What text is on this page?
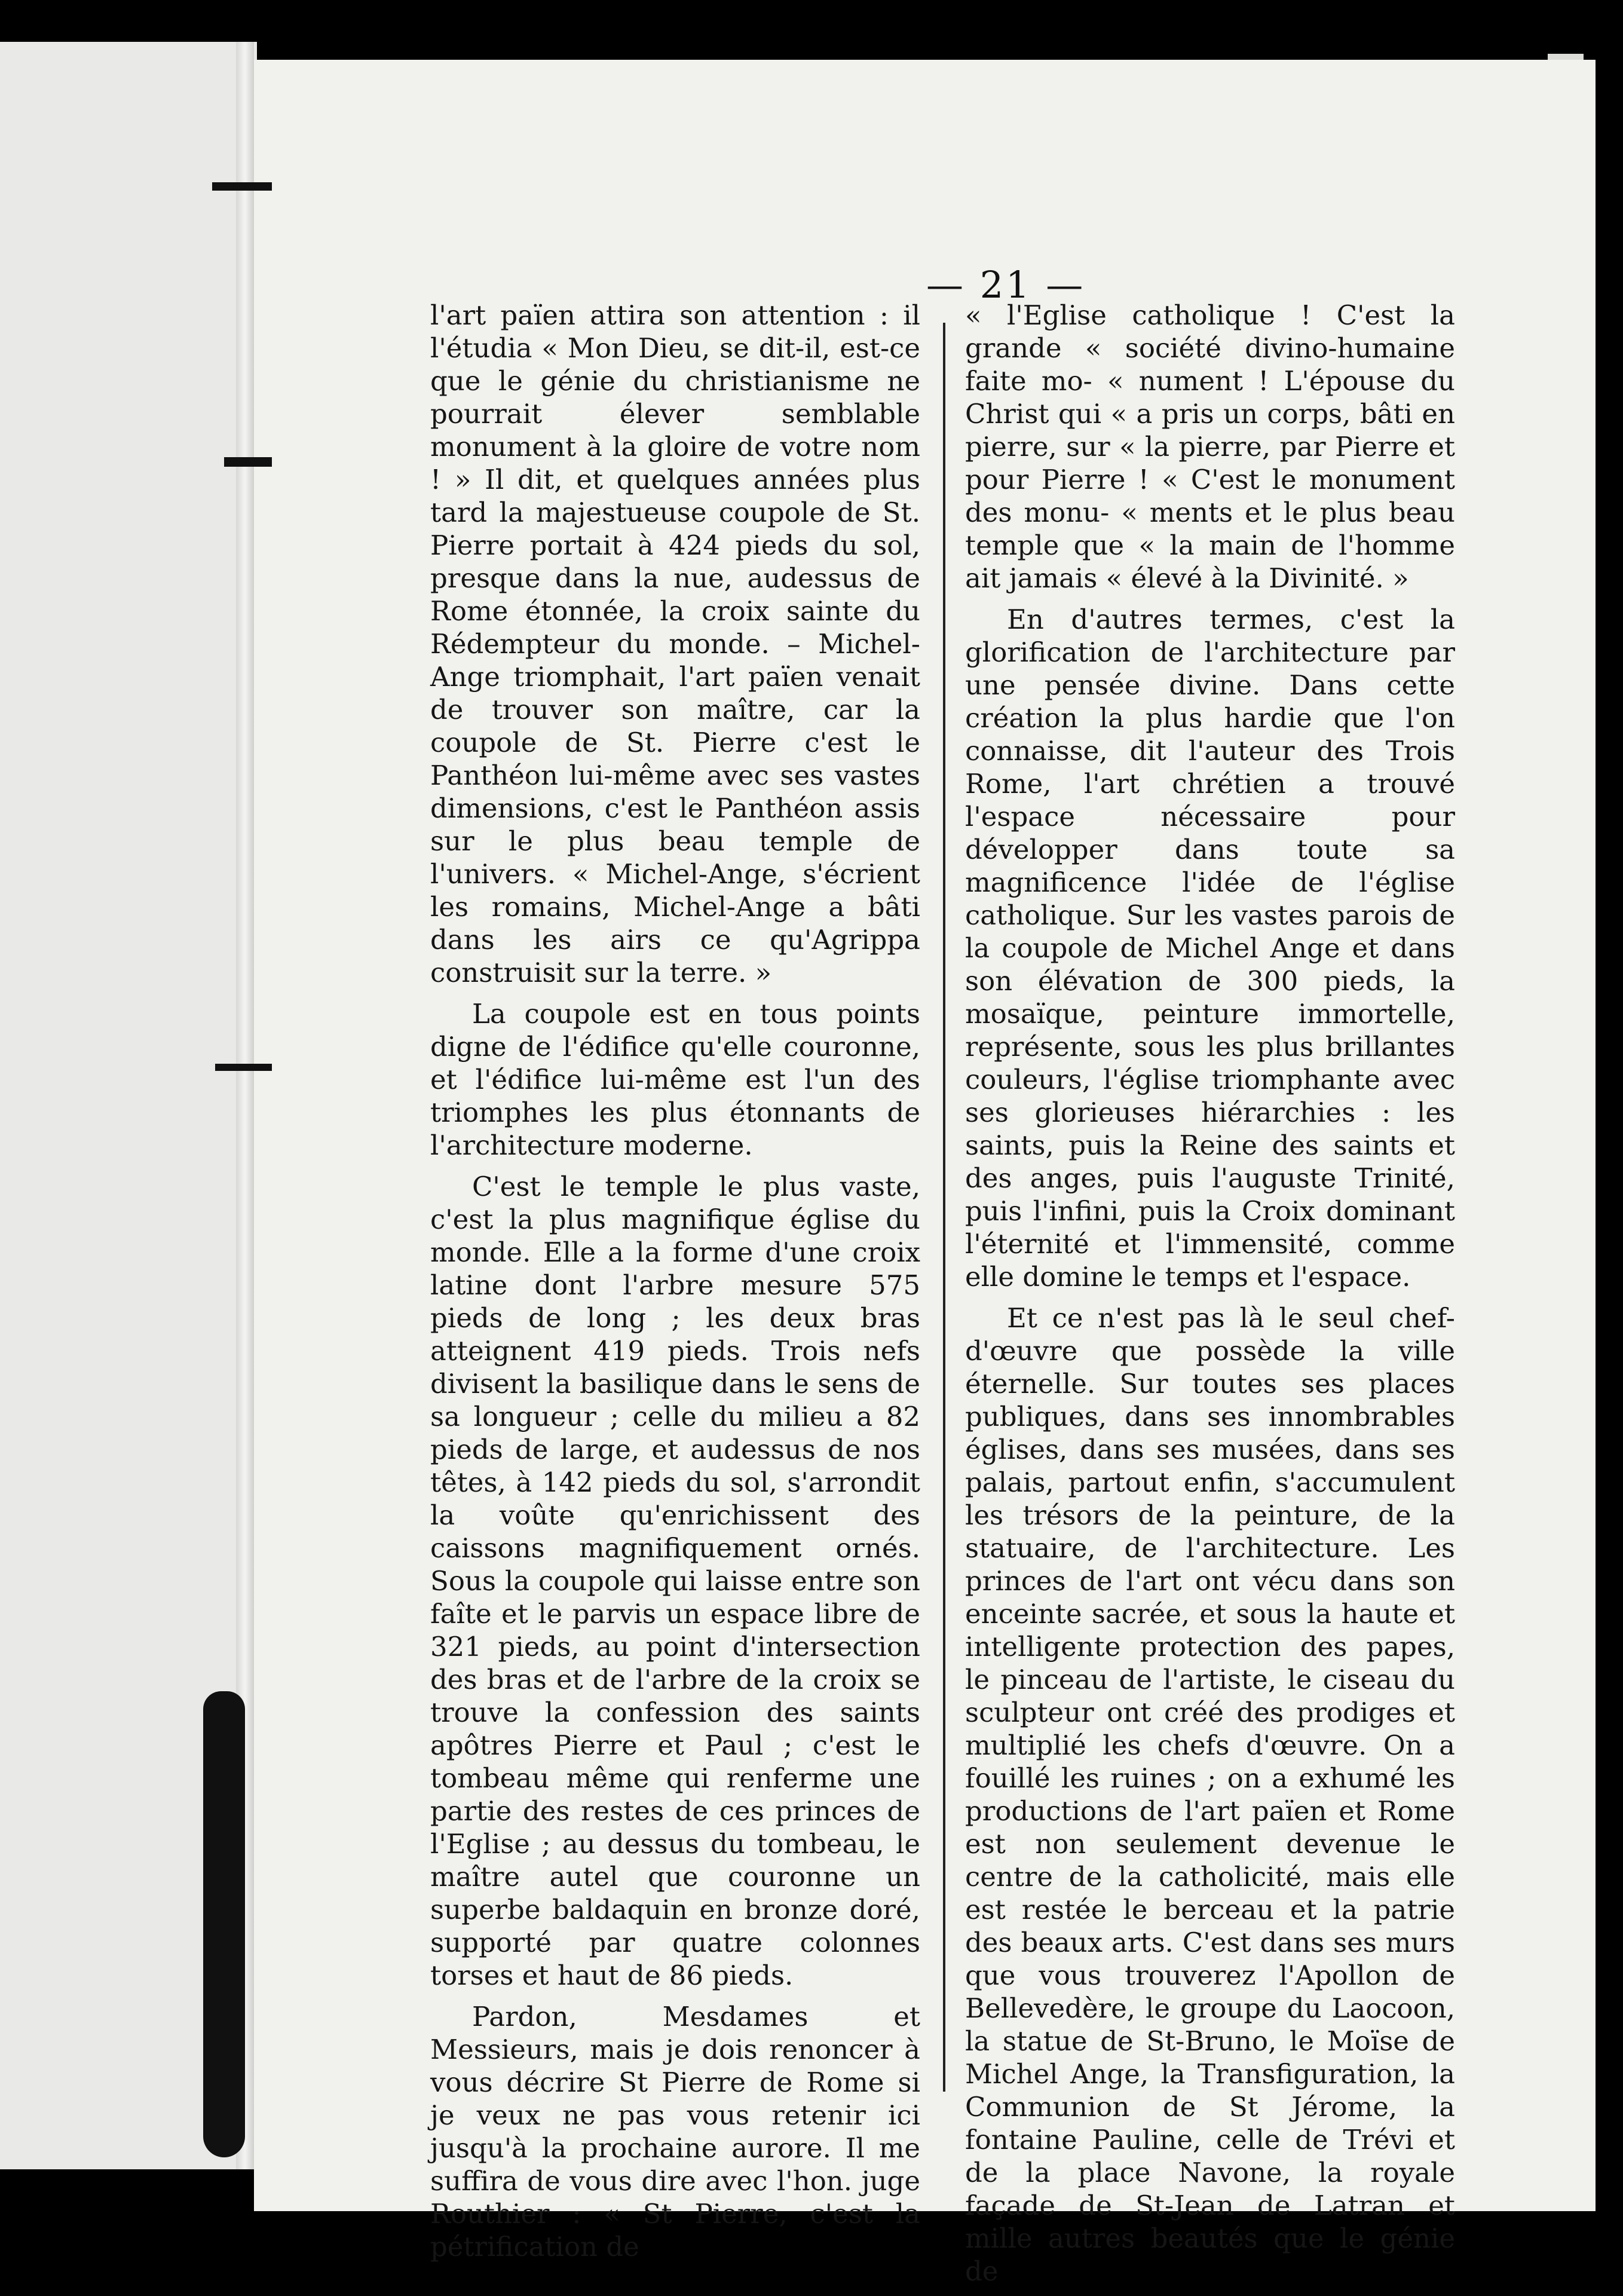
— 21 —

l'art païen attira son attention : il l'étudia « Mon Dieu, se dit-il, est-ce que le génie du christianisme ne pourrait élever semblable monument à la gloire de votre nom ! » Il dit, et quelques années plus tard la majestueuse coupole de St. Pierre portait à 424 pieds du sol, presque dans la nue, audessus de Rome étonnée, la croix sainte du Rédempteur du monde. – Michel-Ange triomphait, l'art païen venait de trouver son maître, car la coupole de St. Pierre c'est le Panthéon lui-même avec ses vastes dimensions, c'est le Panthéon assis sur le plus beau temple de l'univers. « Michel-Ange, s'écrient les romains, Michel-Ange a bâti dans les airs ce qu'Agrippa construisit sur la terre. »

La coupole est en tous points digne de l'édifice qu'elle couronne, et l'édifice lui-même est l'un des triomphes les plus étonnants de l'architecture moderne.

C'est le temple le plus vaste, c'est la plus magnifique église du monde. Elle a la forme d'une croix latine dont l'arbre mesure 575 pieds de long ; les deux bras atteignent 419 pieds. Trois nefs divisent la basilique dans le sens de sa longueur ; celle du milieu a 82 pieds de large, et audessus de nos têtes, à 142 pieds du sol, s'arrondit la voûte qu'enrichissent des caissons magnifiquement ornés. Sous la coupole qui laisse entre son faîte et le parvis un espace libre de 321 pieds, au point d'intersection des bras et de l'arbre de la croix se trouve la confession des saints apôtres Pierre et Paul ; c'est le tombeau même qui renferme une partie des restes de ces princes de l'Eglise ; au dessus du tombeau, le maître autel que couronne un superbe baldaquin en bronze doré, supporté par quatre colonnes torses et haut de 86 pieds.

Pardon, Mesdames et Messieurs, mais je dois renoncer à vous décrire St Pierre de Rome si je veux ne pas vous retenir ici jusqu'à la prochaine aurore. Il me suffira de vous dire avec l'hon. juge Routhier : « St Pierre, c'est la pétrification de

« l'Eglise catholique ! C'est la grande « société divino-humaine faite mo- « nument ! L'épouse du Christ qui « a pris un corps, bâti en pierre, sur « la pierre, par Pierre et pour Pierre ! « C'est le monument des monu- « ments et le plus beau temple que « la main de l'homme ait jamais « élevé à la Divinité. »

En d'autres termes, c'est la glorification de l'architecture par une pensée divine. Dans cette création la plus hardie que l'on connaisse, dit l'auteur des Trois Rome, l'art chrétien a trouvé l'espace nécessaire pour développer dans toute sa magnificence l'idée de l'église catholique. Sur les vastes parois de la coupole de Michel Ange et dans son élévation de 300 pieds, la mosaïque, peinture immortelle, représente, sous les plus brillantes couleurs, l'église triomphante avec ses glorieuses hiérarchies : les saints, puis la Reine des saints et des anges, puis l'auguste Trinité, puis l'infini, puis la Croix dominant l'éternité et l'immensité, comme elle domine le temps et l'espace.

Et ce n'est pas là le seul chef-d'œuvre que possède la ville éternelle. Sur toutes ses places publiques, dans ses innombrables églises, dans ses musées, dans ses palais, partout enfin, s'accumulent les trésors de la peinture, de la statuaire, de l'architecture. Les princes de l'art ont vécu dans son enceinte sacrée, et sous la haute et intelligente protection des papes, le pinceau de l'artiste, le ciseau du sculpteur ont créé des prodiges et multiplié les chefs d'œuvre. On a fouillé les ruines ; on a exhumé les productions de l'art païen et Rome est non seulement devenue le centre de la catholicité, mais elle est restée le berceau et la patrie des beaux arts. C'est dans ses murs que vous trouverez l'Apollon de Bellevedère, le groupe du Laocoon, la statue de St-Bruno, le Moïse de Michel Ange, la Transfiguration, la Communion de St Jérome, la fontaine Pauline, celle de Trévi et de la place Navone, la royale façade de St-Jean de Latran et mille autres beautés que le génie de
